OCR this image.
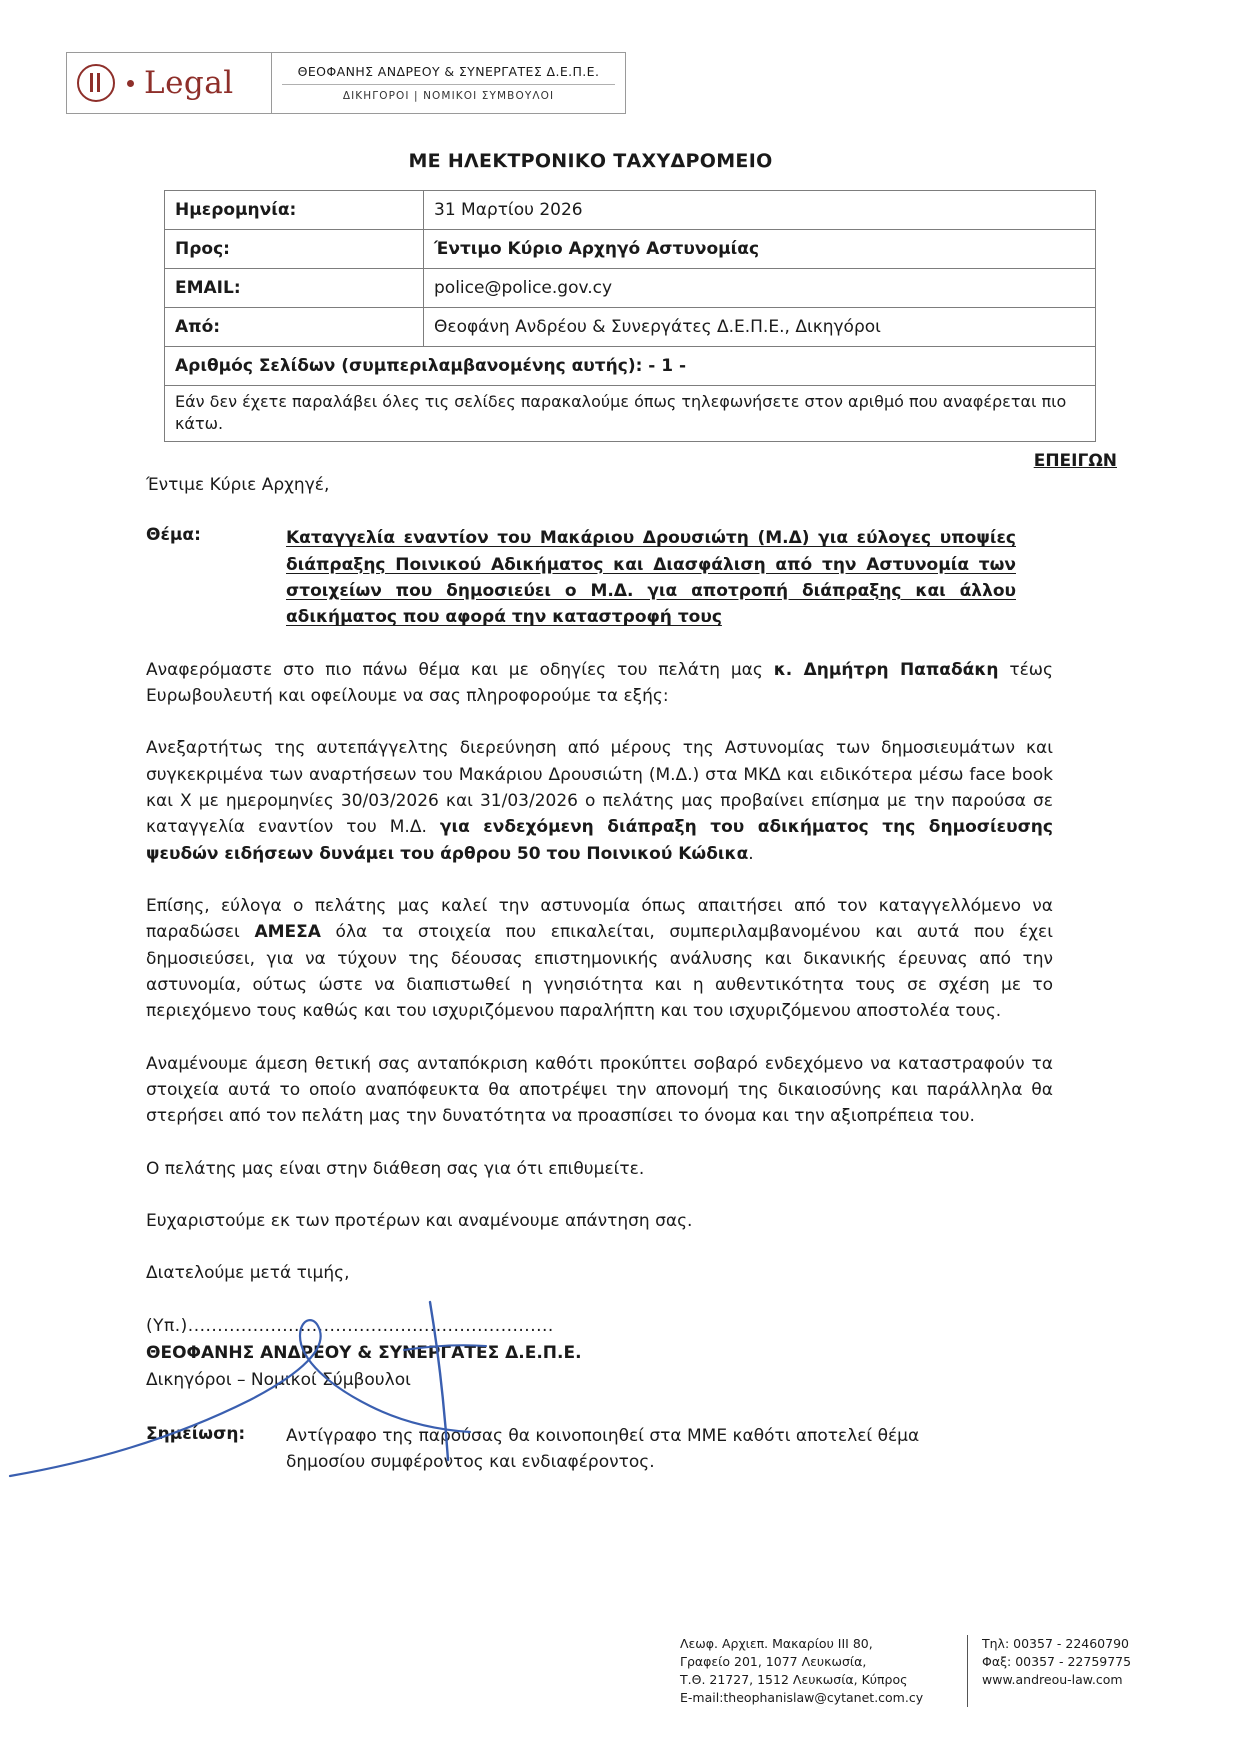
Legal	ΘΕΟΦΑΝΗΣ ΑΝΔΡΕΟΥ & ΣΥΝΕΡΓΑΤΕΣ Δ.Ε.Π.Ε.
ΔΙΚΗΓΟΡΟΙ | ΝΟΜΙΚΟΙ ΣΥΜΒΟΥΛΟΙ
ΜΕ ΗΛΕΚΤΡΟΝΙΚΟ ΤΑΧΥΔΡΟΜΕΙΟ
Ημερομηνία:	31 Μαρτίου 2026
Προς:	Έντιμο Κύριο Αρχηγό Αστυνομίας
EMAIL:	police@police.gov.cy
Από:	Θεοφάνη Ανδρέου & Συνεργάτες Δ.Ε.Π.Ε., Δικηγόροι
Αριθμός Σελίδων (συμπεριλαμβανομένης αυτής): - 1 -	
Εάν δεν έχετε παραλάβει όλες τις σελίδες παρακαλούμε όπως τηλεφωνήσετε στον αριθμό που αναφέρεται πιο κάτω.	
ΕΠΕΙΓΩΝ
Έντιμε Κύριε Αρχηγέ,
Θέμα:	Καταγγελία εναντίον του Μακάριου Δρουσιώτη (Μ.Δ) για εύλογες υποψίες διάπραξης Ποινικού Αδικήματος και Διασφάλιση από την Αστυνομία των στοιχείων που δημοσιεύει ο Μ.Δ. για αποτροπή διάπραξης και άλλου αδικήματος που αφορά την καταστροφή τους
Αναφερόμαστε στο πιο πάνω θέμα και με οδηγίες του πελάτη μας κ. Δημήτρη Παπαδάκη τέως Ευρωβουλευτή και οφείλουμε να σας πληροφορούμε τα εξής:
Ανεξαρτήτως της αυτεπάγγελτης διερεύνηση από μέρους της Αστυνομίας των δημοσιευμάτων και συγκεκριμένα των αναρτήσεων του Μακάριου Δρουσιώτη (Μ.Δ.) στα ΜΚΔ και ειδικότερα μέσω face book και Χ με ημερομηνίες 30/03/2026 και 31/03/2026 ο πελάτης μας προβαίνει επίσημα με την παρούσα σε καταγγελία εναντίον του Μ.Δ. για ενδεχόμενη διάπραξη του αδικήματος της δημοσίευσης ψευδών ειδήσεων δυνάμει του άρθρου 50 του Ποινικού Κώδικα.
Επίσης, εύλογα ο πελάτης μας καλεί την αστυνομία όπως απαιτήσει από τον καταγγελλόμενο να παραδώσει ΑΜΕΣΑ όλα τα στοιχεία που επικαλείται, συμπεριλαμβανομένου και αυτά που έχει δημοσιεύσει, για να τύχουν της δέουσας επιστημονικής ανάλυσης και δικανικής έρευνας από την αστυνομία, ούτως ώστε να διαπιστωθεί η γνησιότητα και η αυθεντικότητα τους σε σχέση με το περιεχόμενο τους καθώς και του ισχυριζόμενου παραλήπτη και του ισχυριζόμενου αποστολέα τους.
Αναμένουμε άμεση θετική σας ανταπόκριση καθότι προκύπτει σοβαρό ενδεχόμενο να καταστραφούν τα στοιχεία αυτά το οποίο αναπόφευκτα θα αποτρέψει την απονομή της δικαιοσύνης και παράλληλα θα στερήσει από τον πελάτη μας την δυνατότητα να προασπίσει το όνομα και την αξιοπρέπεια του.
Ο πελάτης μας είναι στην διάθεση σας για ότι επιθυμείτε.
Ευχαριστούμε εκ των προτέρων και αναμένουμε απάντηση σας.
Διατελούμε μετά τιμής,
(Υπ.)..............................................................
ΘΕΟΦΑΝΗΣ ΑΝΔΡΕΟΥ & ΣΥΝΕΡΓΑΤΕΣ Δ.Ε.Π.Ε.
Δικηγόροι – Νομικοί Σύμβουλοι
Σημείωση:	Αντίγραφο της παρούσας θα κοινοποιηθεί στα ΜΜΕ καθότι αποτελεί θέμα δημοσίου συμφέροντος και ενδιαφέροντος.
Λεωφ. Αρχιεπ. Μακαρίου ΙΙΙ 80,
Γραφείο 201, 1077 Λευκωσία,
Τ.Θ. 21727, 1512 Λευκωσία, Κύπρος
E-mail:theophanislaw@cytanet.com.cy
Τηλ: 00357 - 22460790
Φαξ: 00357 - 22759775
www.andreou-law.com
